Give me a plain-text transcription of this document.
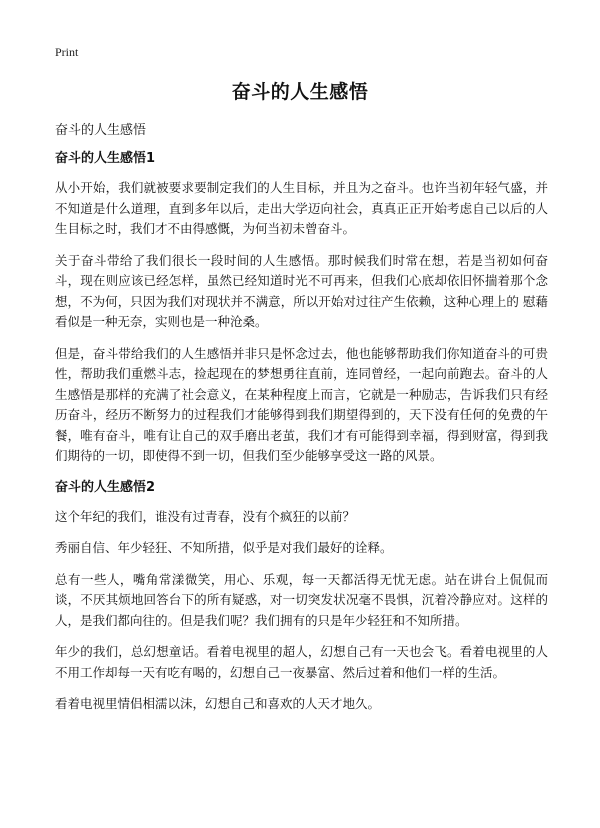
Print
奋斗的人生感悟
奋斗的人生感悟
奋斗的人生感悟1

从小开始，我们就被要求要制定我们的人生目标，并且为之奋斗。也许当初年轻气盛，并不知道是什么道理，直到多年以后，走出大学迈向社会，真真正正开始考虑自己以后的人生目标之时，我们才不由得感慨，为何当初未曾奋斗。

关于奋斗带给了我们很长一段时间的人生感悟。那时候我们时常在想，若是当初如何奋斗，现在则应该已经怎样，虽然已经知道时光不可再来，但我们心底却依旧怀揣着那个念想，不为何，只因为我们对现状并不满意，所以开始对过往产生依赖，这种心理上的 慰藉看似是一种无奈，实则也是一种沧桑。

但是，奋斗带给我们的人生感悟并非只是怀念过去，他也能够帮助我们你知道奋斗的可贵性，帮助我们重燃斗志，捡起现在的梦想勇往直前，连同曾经，一起向前跑去。奋斗的人生感悟是那样的充满了社会意义，在某种程度上而言，它就是一种励志，告诉我们只有经历奋斗，经历不断努力的过程我们才能够得到我们期望得到的，天下没有任何的免费的午餐，唯有奋斗，唯有让自己的双手磨出老茧，我们才有可能得到幸福，得到财富，得到我们期待的一切，即使得不到一切，但我们至少能够享受这一路的风景。

奋斗的人生感悟2

这个年纪的我们，谁没有过青春，没有个疯狂的以前？

秀丽自信、年少轻狂、不知所措，似乎是对我们最好的诠释。

总有一些人，嘴角常漾微笑，用心、乐观，每一天都活得无忧无虑。站在讲台上侃侃而谈，不厌其烦地回答台下的所有疑惑，对一切突发状况毫不畏惧，沉着冷静应对。这样的人，是我们都向往的。但是我们呢？我们拥有的只是年少轻狂和不知所措。

年少的我们，总幻想童话。看着电视里的超人，幻想自己有一天也会飞。看着电视里的人不用工作却每一天有吃有喝的，幻想自己一夜暴富、然后过着和他们一样的生活。

看着电视里情侣相濡以沫，幻想自己和喜欢的人天才地久。
